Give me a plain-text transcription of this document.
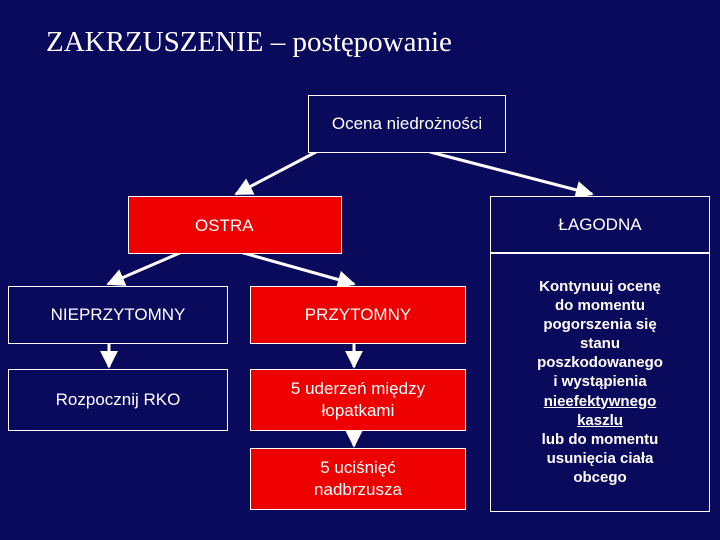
ZAKRZUSZENIE – postępowanie
Ocena niedrożności
OSTRA	ŁAGODNA
NIEPRZYTOMNY	PRZYTOMNY
Rozpocznij RKO
5 uderzeń między łopatkami
5 uciśnięć nadbrzusza
Kontynuuj ocenę
do momentu
pogorszenia się
stanu
poszkodowanego
i wystąpienia
nieefektywnego
kaszlu
lub do momentu
usunięcia ciała
obcego
